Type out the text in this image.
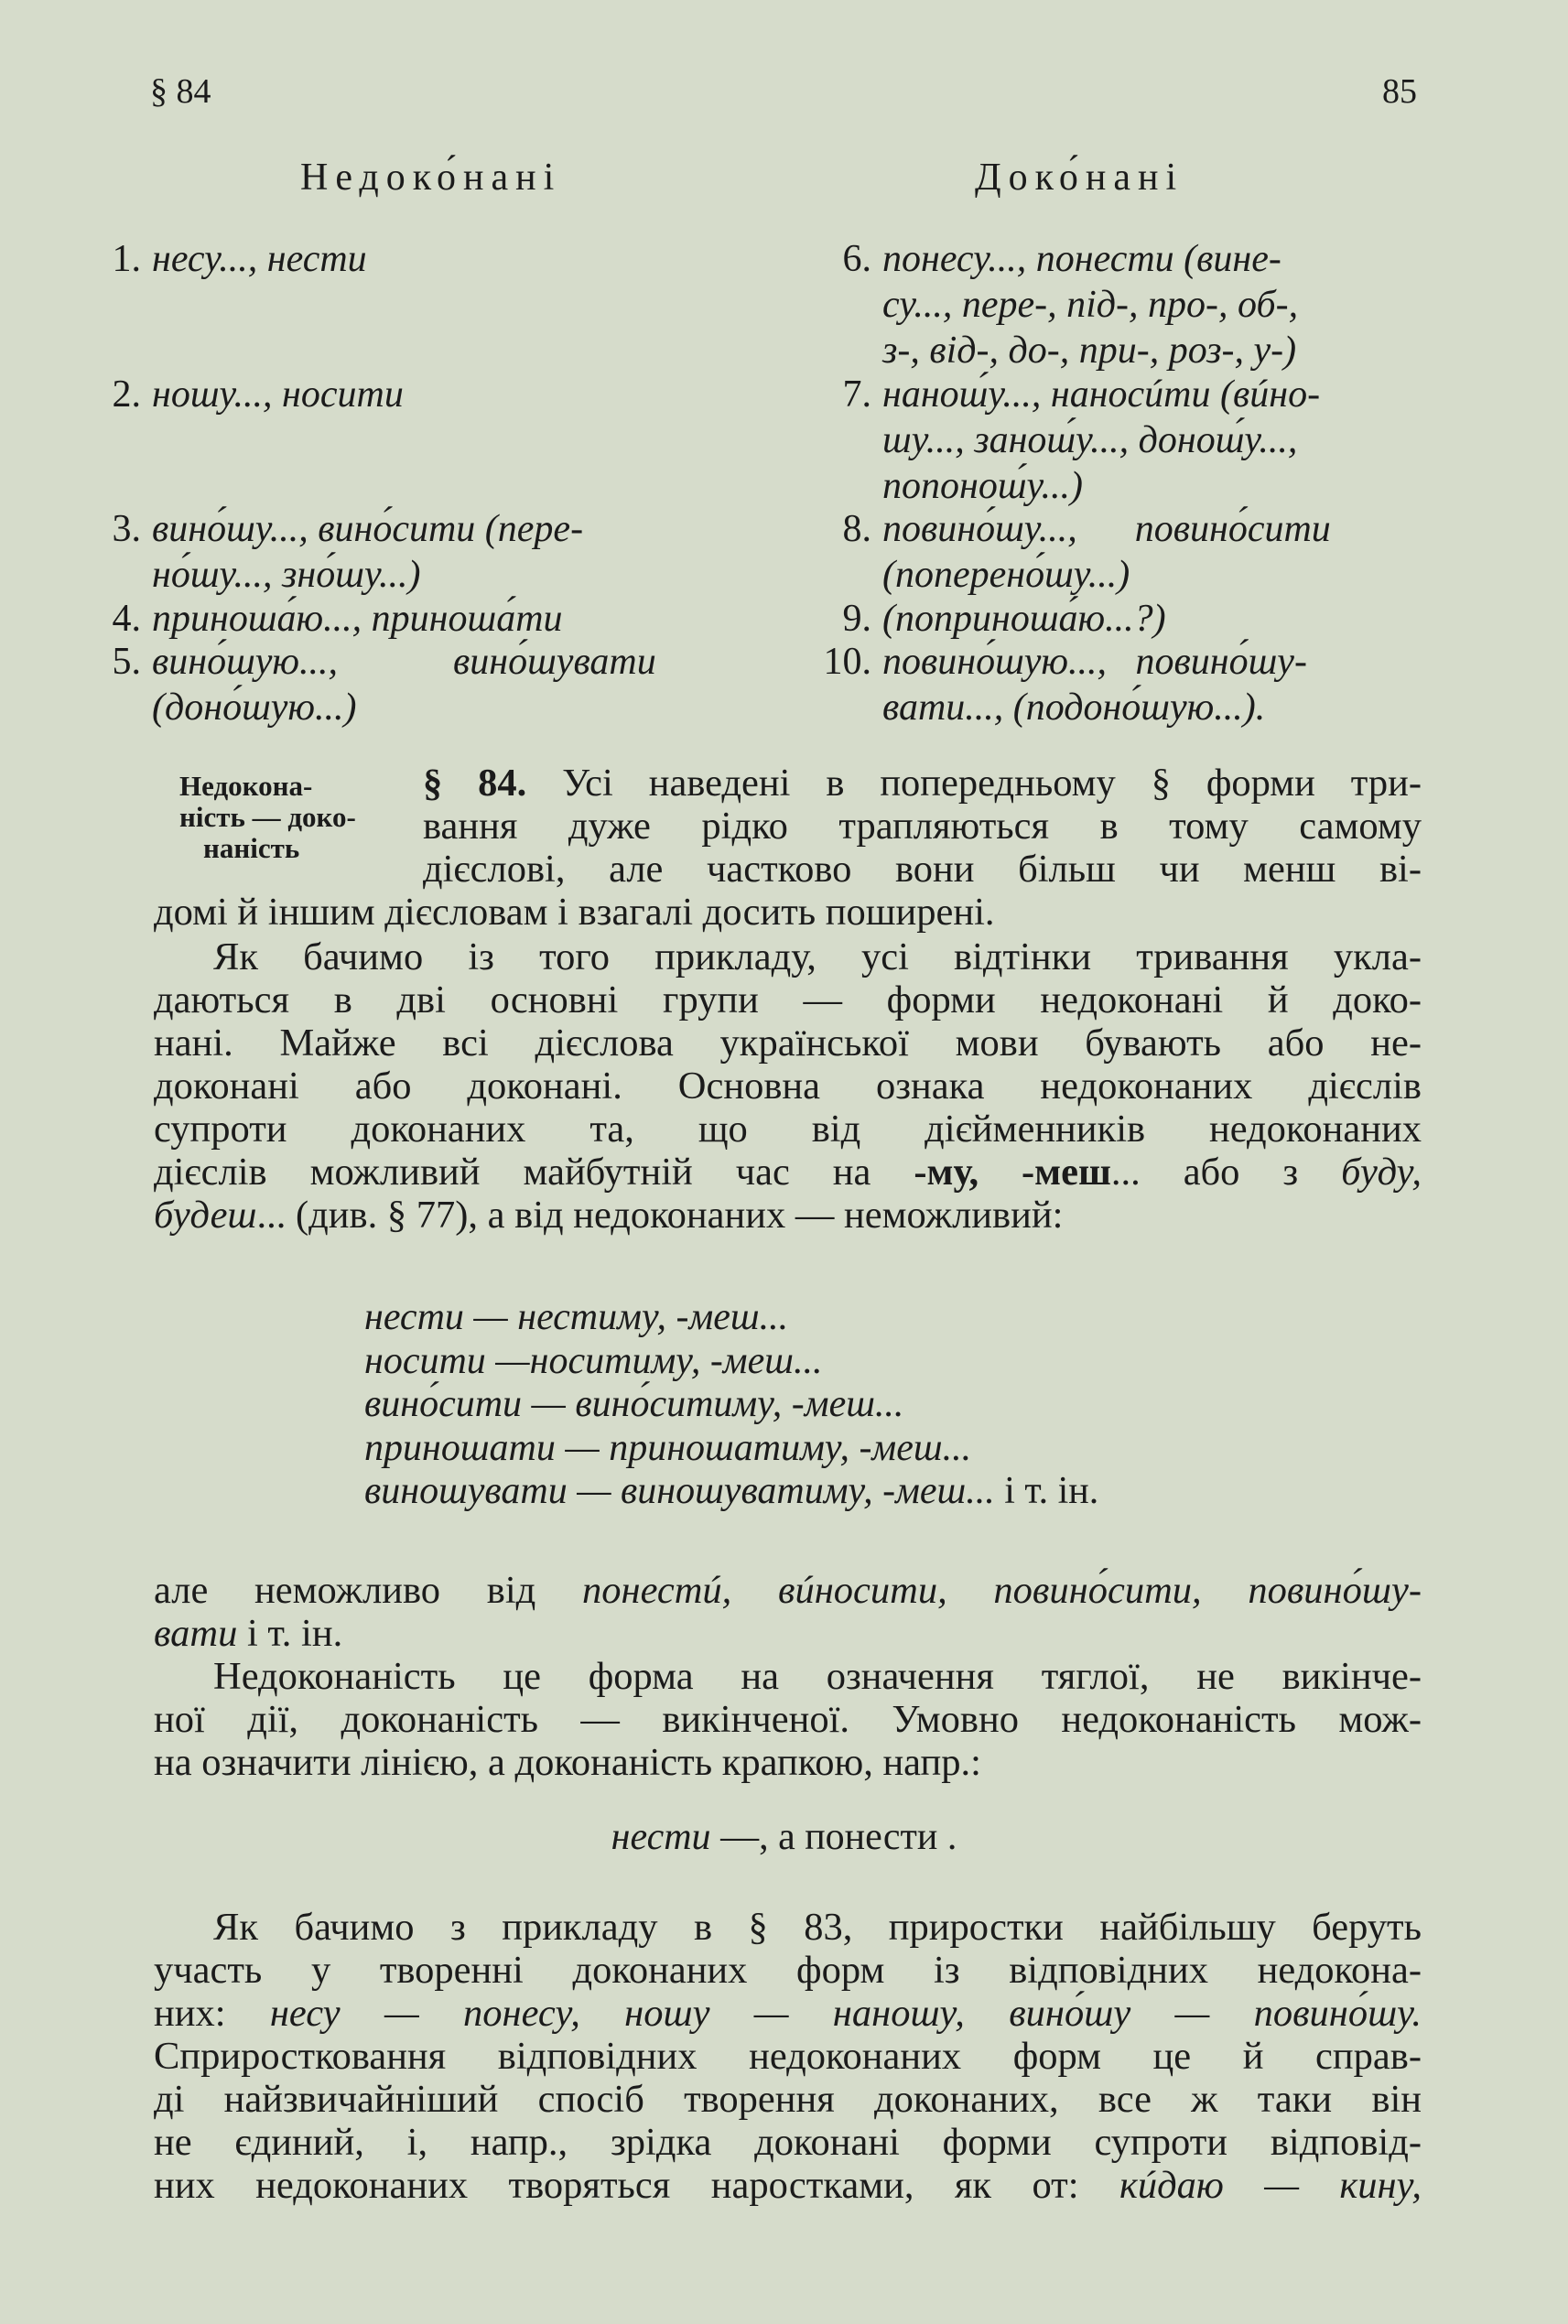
§ 84	85
Недоко́нані	Доко́нані
1. несу..., нести
2. ношу..., носити
3. вино́шу..., вино́сити (пере-
но́шу..., зно́шу...)
4. приноша́ю..., приноша́ти
5. вино́шую...,            вино́шувати
(доно́шую...)
6. понесу..., понести (вине-
су..., пере-, під-, про-, об-,
з-, від-, до-, при-, роз-, у-)
7. нанош́у..., наносúти (вúно-
шу..., занош́у..., донош́у...,
попонош́у...)
8. повино́шу...,      повино́сити
(поперено́шу...)
9. (поприноша́ю...?)
10. повино́шую...,   повино́шу-
вати..., (подоно́шую...).
Недокона-
ність — доко-
наність
§ 84. Усі наведені в попередньому § форми три-
вання дуже рідко трапляються в тому самому
дієслові, але частково вони більш чи менш ві-
домі й іншим дієсловам і взагалі досить поширені.
Як бачимо із того прикладу, усі відтінки тривання укла-
даються в дві основні групи — форми недоконані й доко-
нані. Майже всі дієслова української мови бувають або не-
доконані або доконані. Основна ознака недоконаних дієслів
супроти доконаних та, що від дієйменників недоконаних
дієслів можливий майбутній час на -му, -меш... або з буду,
будеш... (див. § 77), а від недоконаних — неможливий:
нести — нестиму, -меш...
носити —носитиму, -меш...
вино́сити — вино́ситиму, -меш...
приношати — приношатиму, -меш...
виношувати — виношуватиму, -меш... і т. ін.
але неможливо від понестú, вúносити, повино́сити, повино́шу-
вати і т. ін.
Недоконаність це форма на означення тяглої, не викінче-
ної дії, доконаність — викінченої. Умовно недоконаність мож-
на означити лінією, а доконаність крапкою, напр.:
нести —, а понести .
Як бачимо з прикладу в § 83, приростки найбільшу беруть
участь у творенні доконаних форм із відповідних недокона-
них: несу — понесу, ношу — наношу, вино́шу — повино́шу.
Сприростковання відповідних недоконаних форм це й справ-
ді найзвичайніший спосіб творення доконаних, все ж таки він
не єдиний, і, напр., зрідка доконані форми супроти відповід-
них недоконаних творяться наростками, як от: кúдаю — кину,
